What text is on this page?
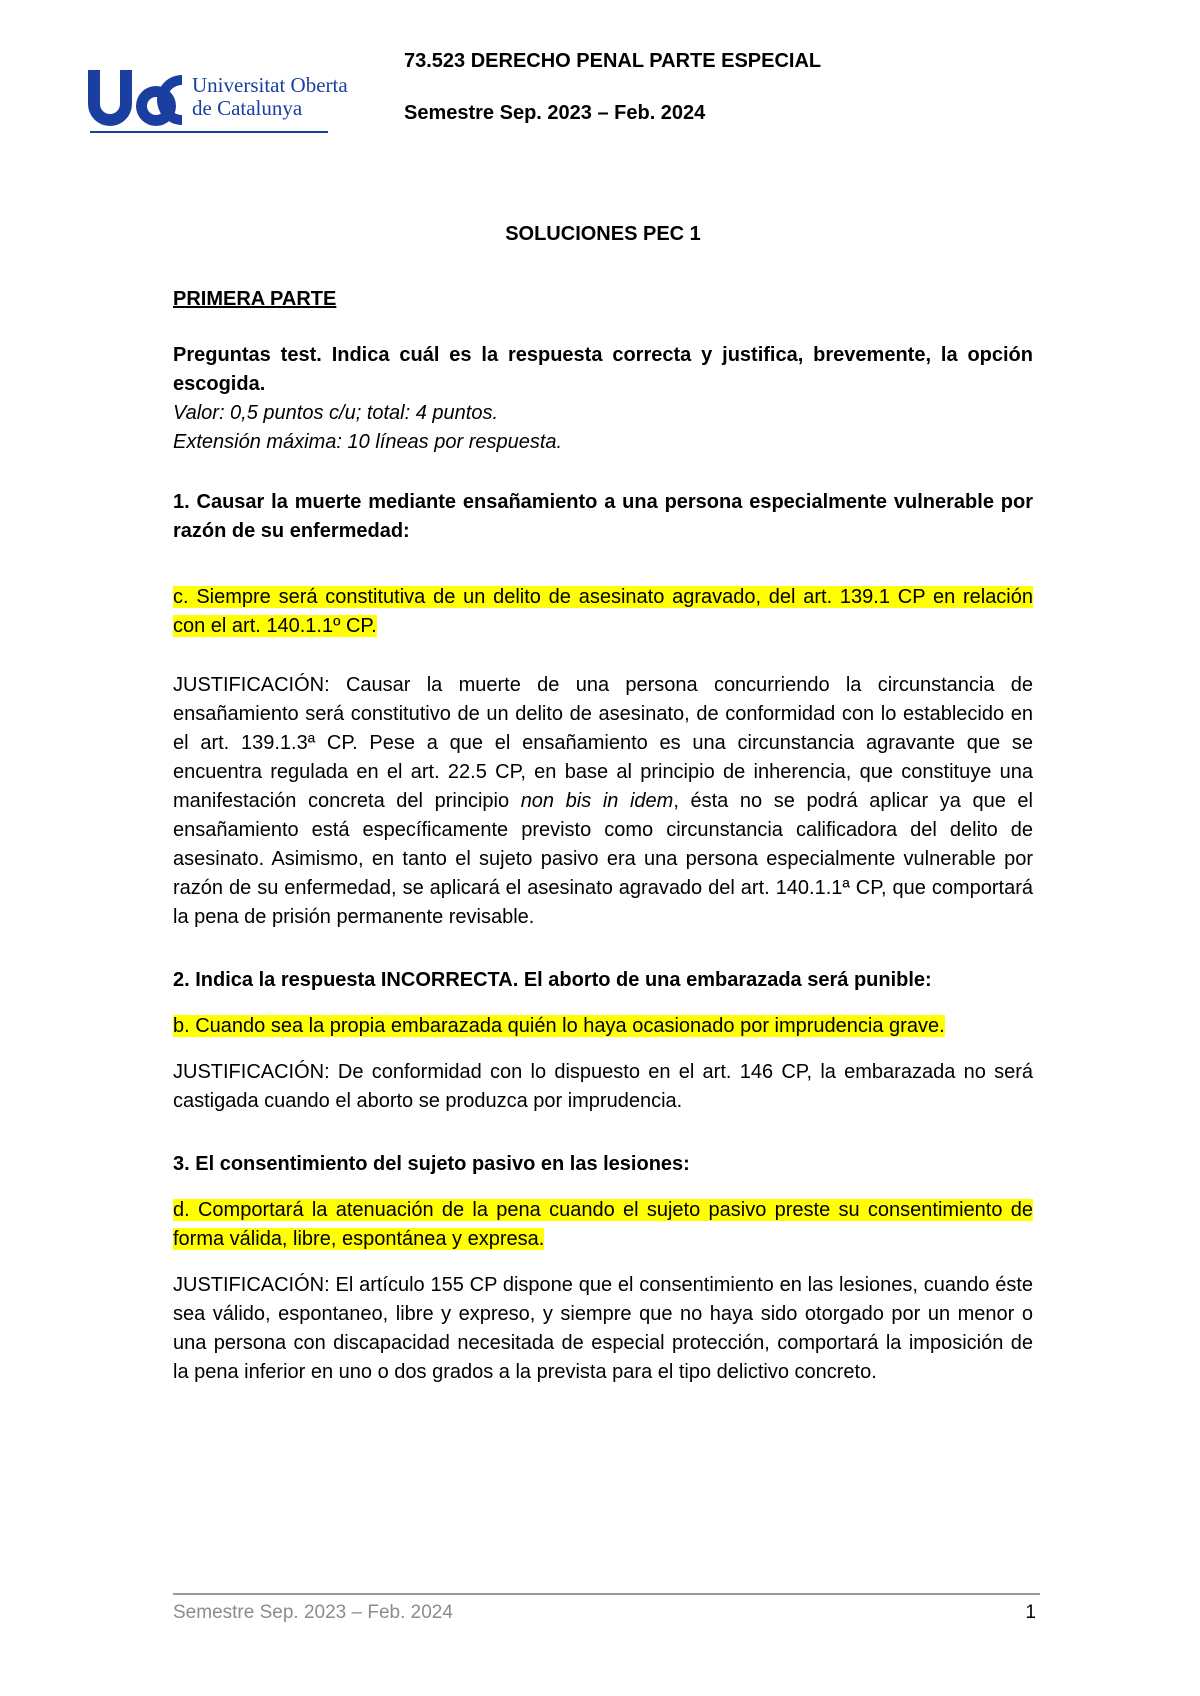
Universitat Oberta
de Catalunya
73.523 DERECHO PENAL PARTE ESPECIAL
Semestre Sep. 2023 – Feb. 2024

SOLUCIONES PEC 1

PRIMERA PARTE

Preguntas test. Indica cuál es la respuesta correcta y justifica, brevemente, la opción escogida.

Valor: 0,5 puntos c/u; total: 4 puntos.

Extensión máxima: 10 líneas por respuesta.

1. Causar la muerte mediante ensañamiento a una persona especialmente vulnerable por razón de su enfermedad:

c. Siempre será constitutiva de un delito de asesinato agravado, del art. 139.1 CP en relación con el art. 140.1.1º CP.

JUSTIFICACIÓN: Causar la muerte de una persona concurriendo la circunstancia de ensañamiento será constitutivo de un delito de asesinato, de conformidad con lo establecido en el art. 139.1.3ª CP. Pese a que el ensañamiento es una circunstancia agravante que se encuentra regulada en el art. 22.5 CP, en base al principio de inherencia, que constituye una manifestación concreta del principio non bis in idem, ésta no se podrá aplicar ya que el ensañamiento está específicamente previsto como circunstancia calificadora del delito de asesinato. Asimismo, en tanto el sujeto pasivo era una persona especialmente vulnerable por razón de su enfermedad, se aplicará el asesinato agravado del art. 140.1.1ª CP, que comportará la pena de prisión permanente revisable.

2. Indica la respuesta INCORRECTA. El aborto de una embarazada será punible:

b. Cuando sea la propia embarazada quién lo haya ocasionado por imprudencia grave.

JUSTIFICACIÓN: De conformidad con lo dispuesto en el art. 146 CP, la embarazada no será castigada cuando el aborto se produzca por imprudencia.

3. El consentimiento del sujeto pasivo en las lesiones:

d. Comportará la atenuación de la pena cuando el sujeto pasivo preste su consentimiento de forma válida, libre, espontánea y expresa.

JUSTIFICACIÓN: El artículo 155 CP dispone que el consentimiento en las lesiones, cuando éste sea válido, espontaneo, libre y expreso, y siempre que no haya sido otorgado por un menor o una persona con discapacidad necesitada de especial protección, comportará la imposición de la pena inferior en uno o dos grados a la prevista para el tipo delictivo concreto.

Semestre Sep. 2023 – Feb. 2024	1
